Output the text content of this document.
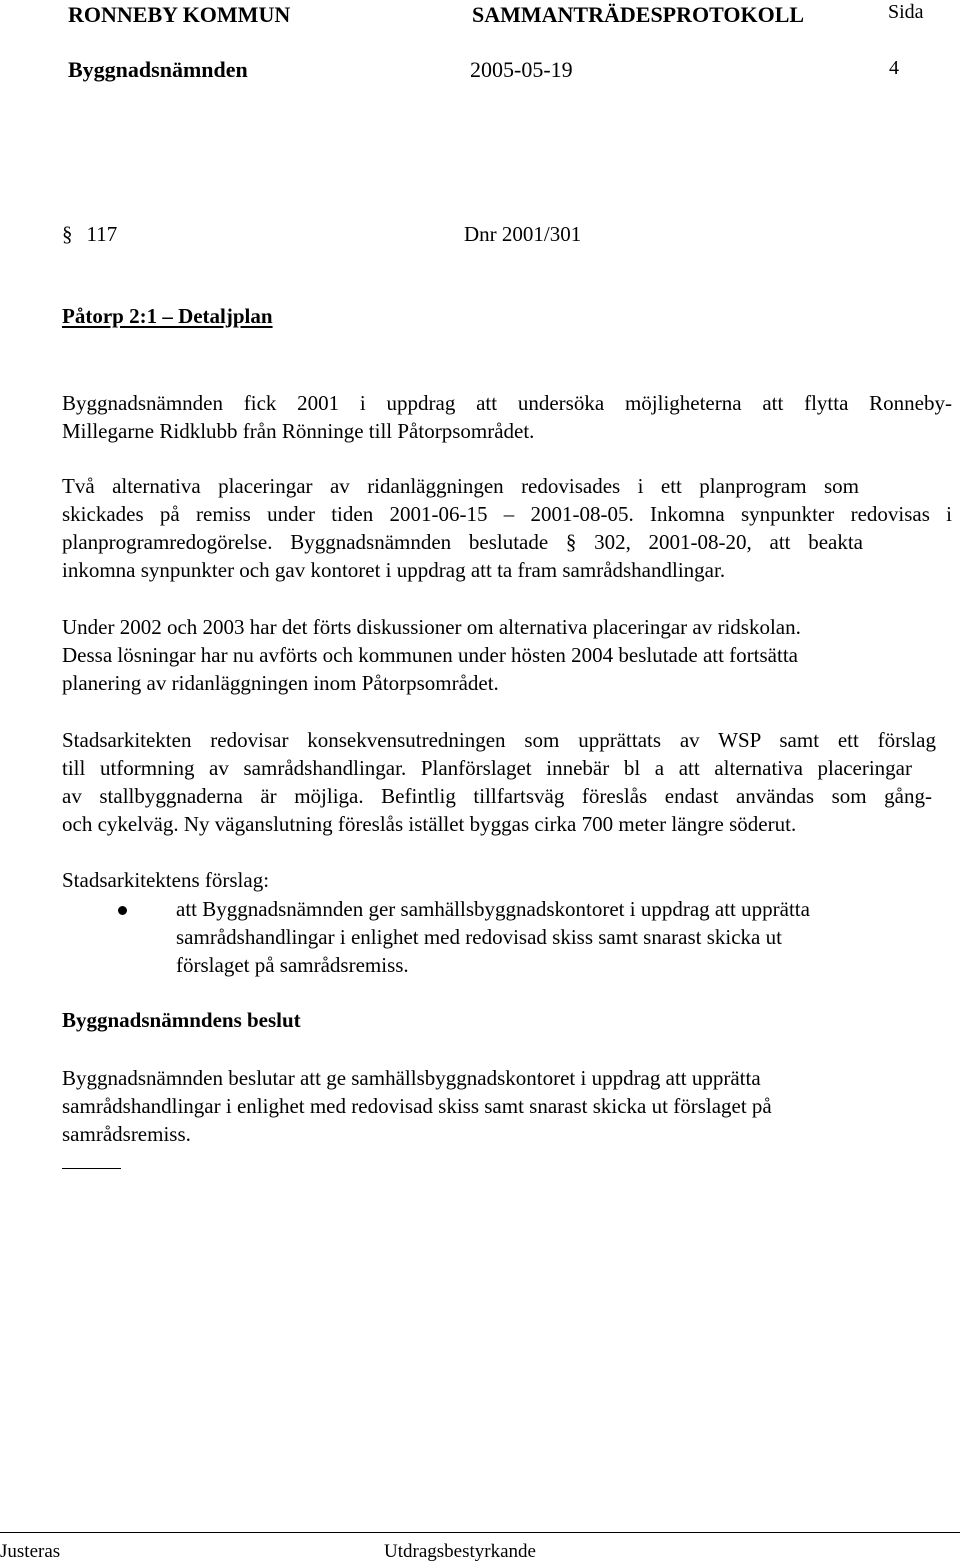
RONNEBY KOMMUN	SAMMANTRÄDESPROTOKOLL	Sida
Byggnadsnämnden	2005-05-19	4
§ 117	Dnr 2001/301
Påtorp 2:1 – Detaljplan
Byggnadsnämnden fick 2001 i uppdrag att undersöka möjligheterna att flytta Ronneby-
Millegarne Ridklubb från Rönninge till Påtorpsområdet.
Två alternativa placeringar av ridanläggningen redovisades i ett planprogram som
skickades på remiss under tiden 2001-06-15 – 2001-08-05. Inkomna synpunkter redovisas i
planprogramredogörelse. Byggnadsnämnden beslutade § 302, 2001-08-20, att beakta
inkomna synpunkter och gav kontoret i uppdrag att ta fram samrådshandlingar.
Under 2002 och 2003 har det förts diskussioner om alternativa placeringar av ridskolan.
Dessa lösningar har nu avförts och kommunen under hösten 2004 beslutade att fortsätta
planering av ridanläggningen inom Påtorpsområdet.
Stadsarkitekten redovisar konsekvensutredningen som upprättats av WSP samt ett förslag
till utformning av samrådshandlingar. Planförslaget innebär bl a att alternativa placeringar
av stallbyggnaderna är möjliga. Befintlig tillfartsväg föreslås endast användas som gång-
och cykelväg. Ny väganslutning föreslås istället byggas cirka 700 meter längre söderut.
Stadsarkitektens förslag:
att Byggnadsnämnden ger samhällsbyggnadskontoret i uppdrag att upprätta
samrådshandlingar i enlighet med redovisad skiss samt snarast skicka ut
förslaget på samrådsremiss.
Byggnadsnämndens beslut
Byggnadsnämnden beslutar att ge samhällsbyggnadskontoret i uppdrag att upprätta
samrådshandlingar i enlighet med redovisad skiss samt snarast skicka ut förslaget på
samrådsremiss.
Justeras	Utdragsbestyrkande
